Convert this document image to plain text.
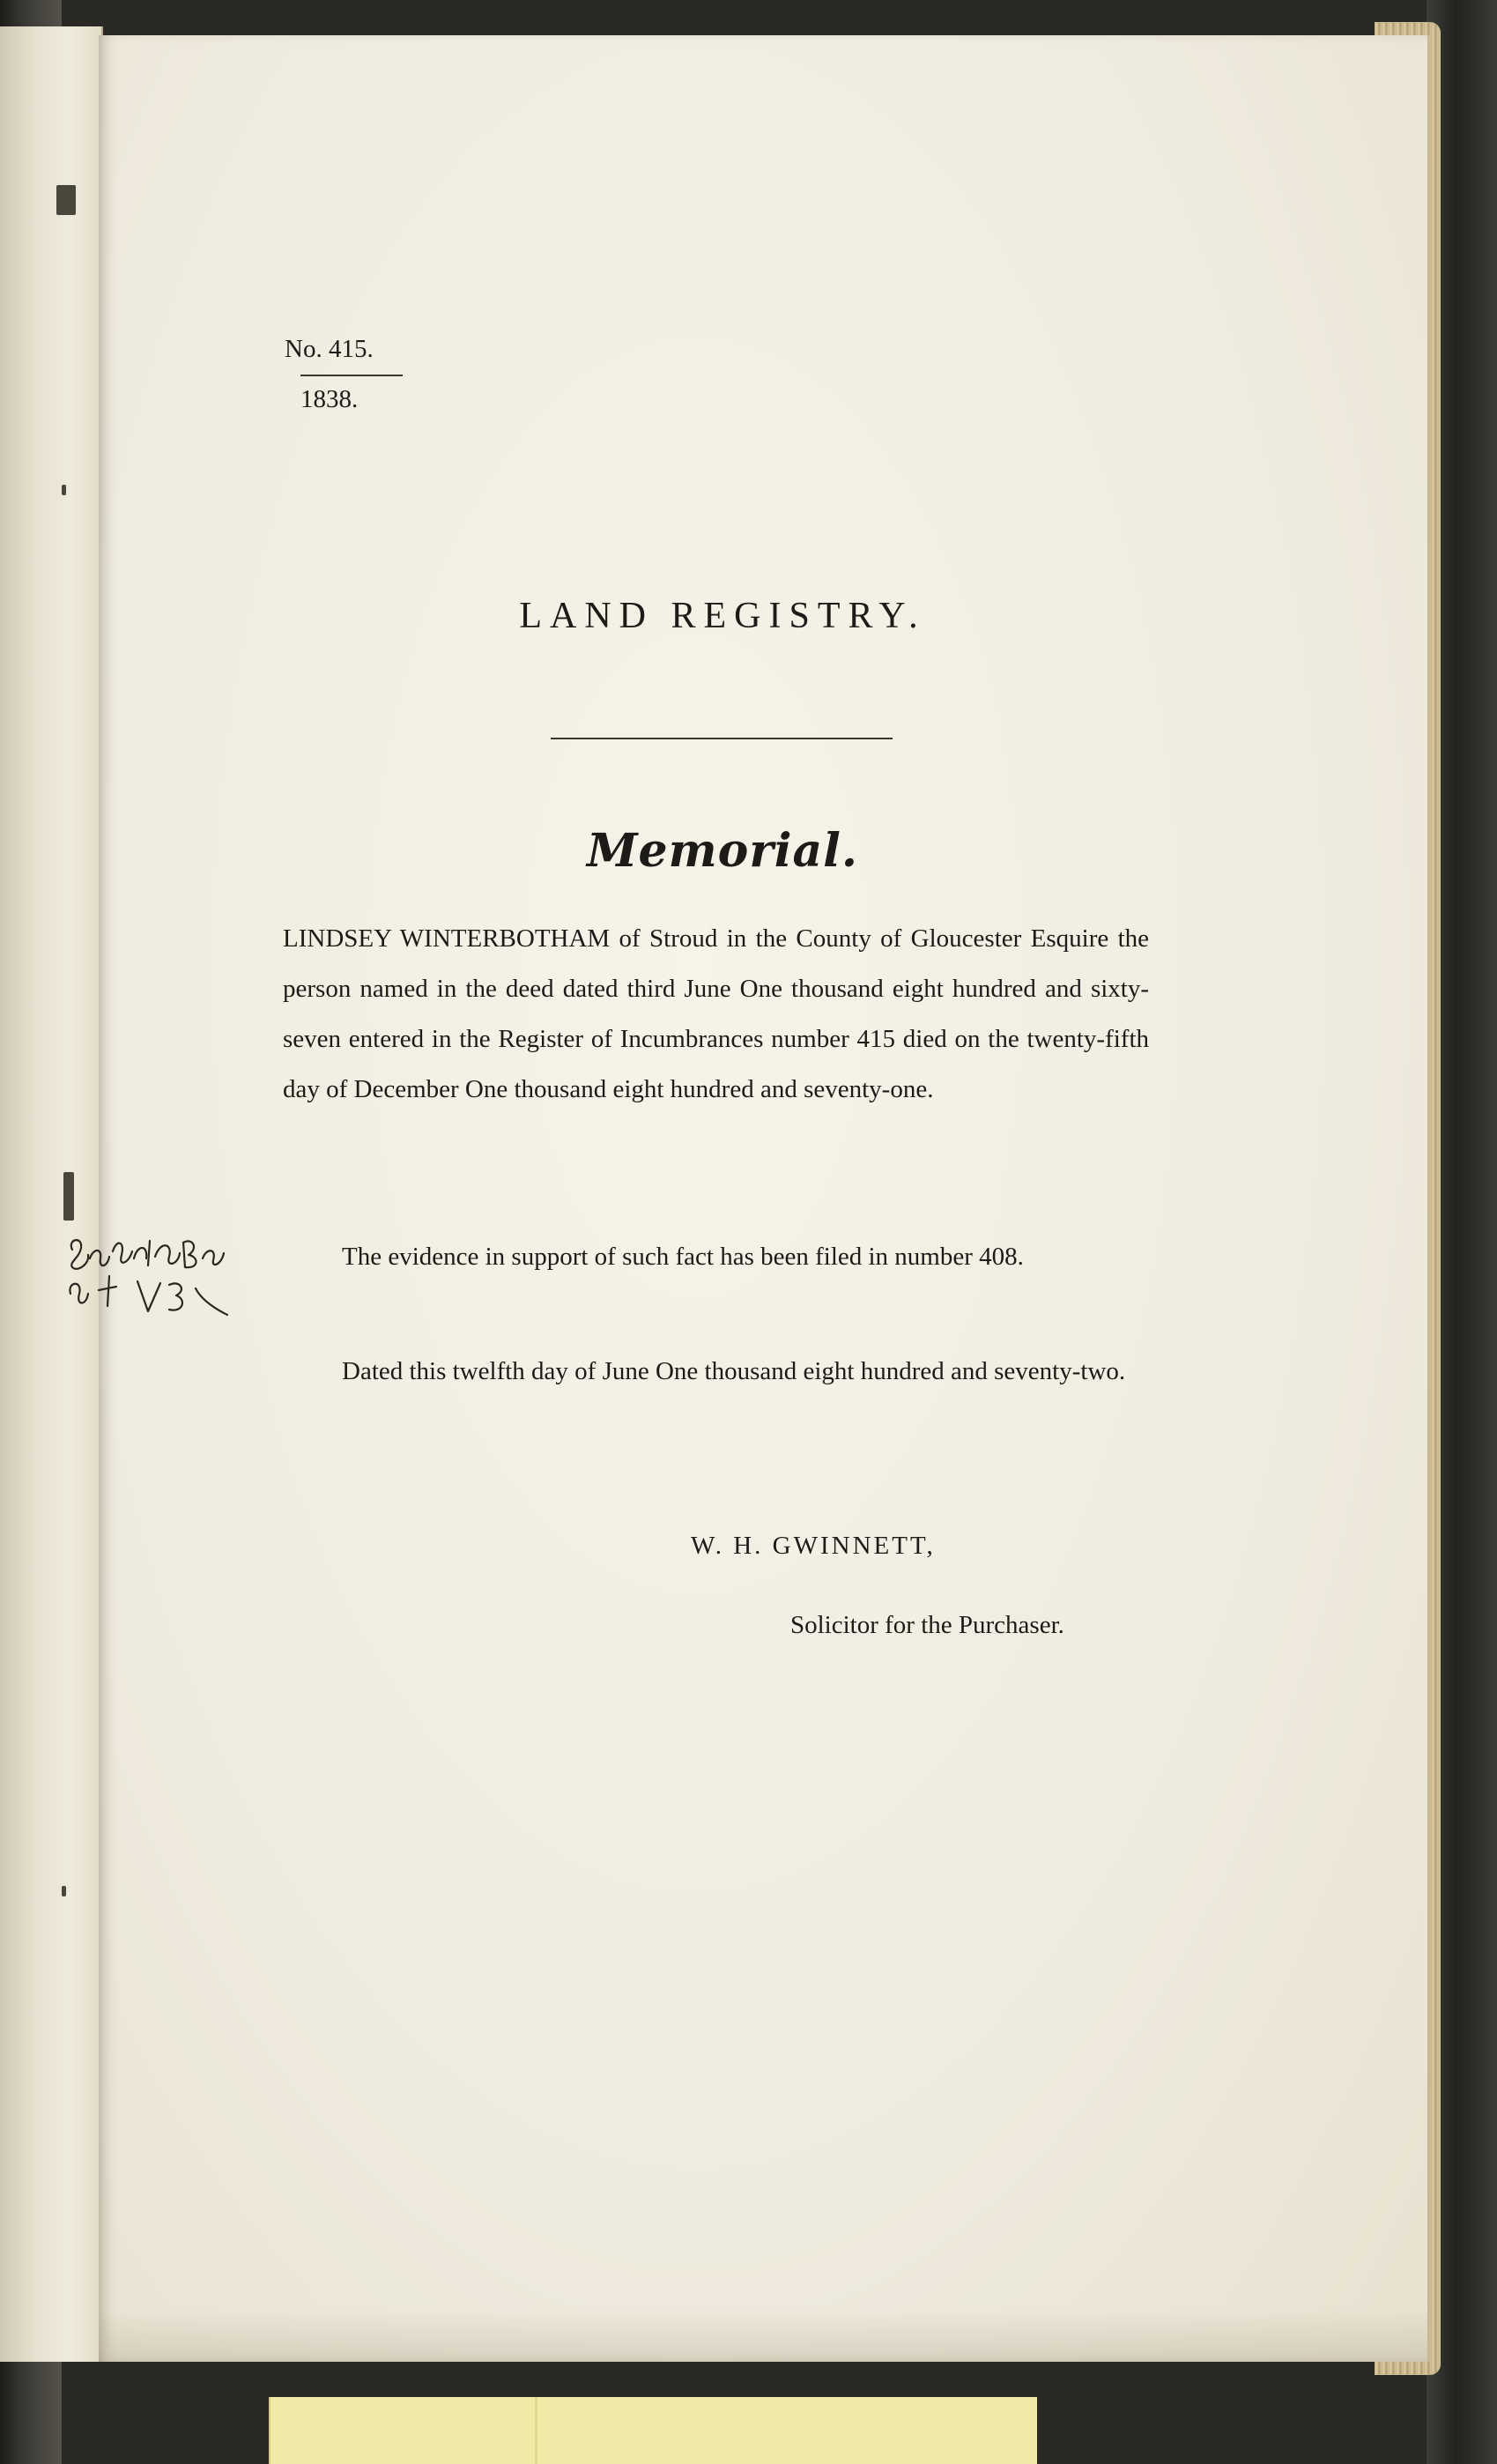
No. 415.
1838.
LAND REGISTRY.
Memorial.
LINDSEY WINTERBOTHAM of Stroud in the County of Gloucester Esquire the person named in the deed dated third June One thousand eight hundred and sixty-seven entered in the Register of Incumbrances number 415 died on the twenty-fifth day of December One thousand eight hundred and seventy-one.
The evidence in support of such fact has been filed in number 408.
Dated this twelfth day of June One thousand eight hundred and seventy-two.
W. H. GWINNETT,
Solicitor for the Purchaser.
